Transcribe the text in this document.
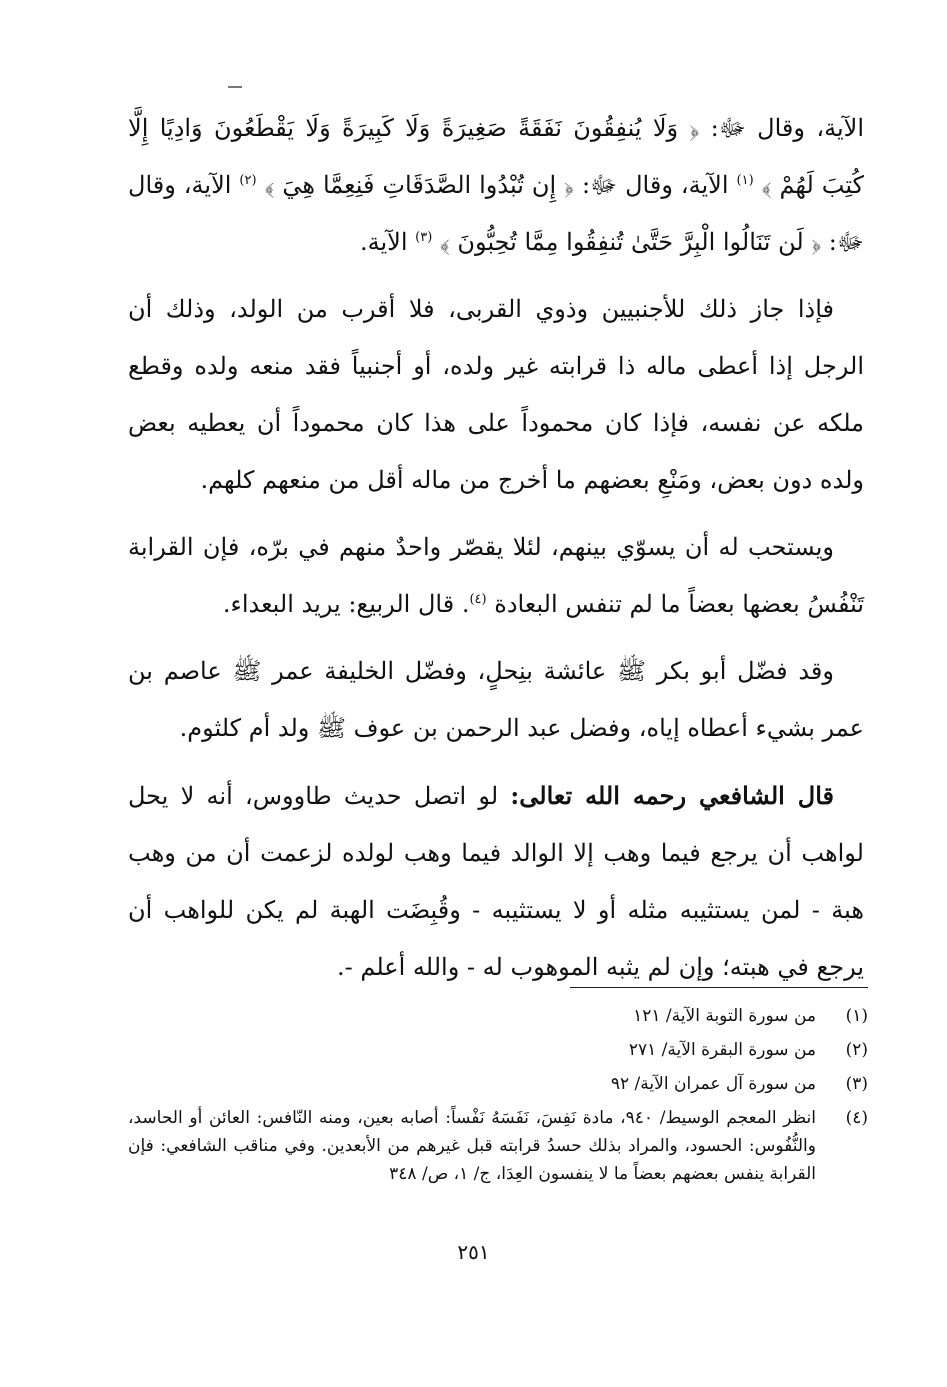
الآية، وقال ﷻ: ﴿ وَلَا يُنفِقُونَ نَفَقَةً صَغِيرَةً وَلَا كَبِيرَةً وَلَا يَقْطَعُونَ وَادِيًا إِلَّا كُتِبَ لَهُمْ ﴾ $^{(١)}$ الآية، وقال ﷻ: ﴿ إِن تُبْدُوا الصَّدَقَاتِ فَنِعِمَّا هِيَ ﴾ $^{(٢)}$ الآية، وقال ﷻ: ﴿ لَن تَنَالُوا الْبِرَّ حَتَّىٰ تُنفِقُوا مِمَّا تُحِبُّونَ ﴾ $^{(٣)}$ الآية.
فإذا جاز ذلك للأجنبيين وذوي القربى، فلا أقرب من الولد، وذلك أن الرجل إذا أعطى ماله ذا قرابته غير ولده، أو أجنبياً فقد منعه ولده وقطع ملكه عن نفسه، فإذا كان محموداً على هذا كان محموداً أن يعطيه بعض ولده دون بعض، ومَنْعِ بعضهم ما أخرج من ماله أقل من منعهم كلهم.
ويستحب له أن يسوّي بينهم، لئلا يقصّر واحدٌ منهم في برّه، فإن القرابة تَنْفُسُ بعضها بعضاً ما لم تنفس البعادة $^{(٤)}$. قال الربيع: يريد البعداء.
وقد فضّل أبو بكر ﷺ عائشة بنِحلٍ، وفضّل الخليفة عمر ﷺ عاصم بن عمر بشيء أعطاه إياه، وفضل عبد الرحمن بن عوف ﷺ ولد أم كلثوم.
قال الشافعي رحمه الله تعالى: لو اتصل حديث طاووس، أنه لا يحل لواهب أن يرجع فيما وهب إلا الوالد فيما وهب لولده لزعمت أن من وهب هبة - لمن يستثيبه مثله أو لا يستثيبه - وقُبِضَت الهبة لم يكن للواهب أن يرجع في هبته؛ وإن لم يثبه الموهوب له - والله أعلم -.
(١)
من سورة التوبة الآية/ ١٢١
(٢)
من سورة البقرة الآية/ ٢٧١
(٣)
من سورة آل عمران الآية/ ٩٢
(٤)
انظر المعجم الوسيط/ ٩٤٠، مادة نَفِسَ، نَفَسَهُ نَفْساً: أصابه بعين، ومنه النّافس: العائن أو الحاسد، والنُّفُوس: الحسود، والمراد بذلك حسدُ قرابته قبل غيرهم من الأبعدين. وفي مناقب الشافعي: فإن القرابة ينفس بعضهم بعضاً ما لا ينفسون العِدَا، ج/ ١، ص/ ٣٤٨
٢٥١
